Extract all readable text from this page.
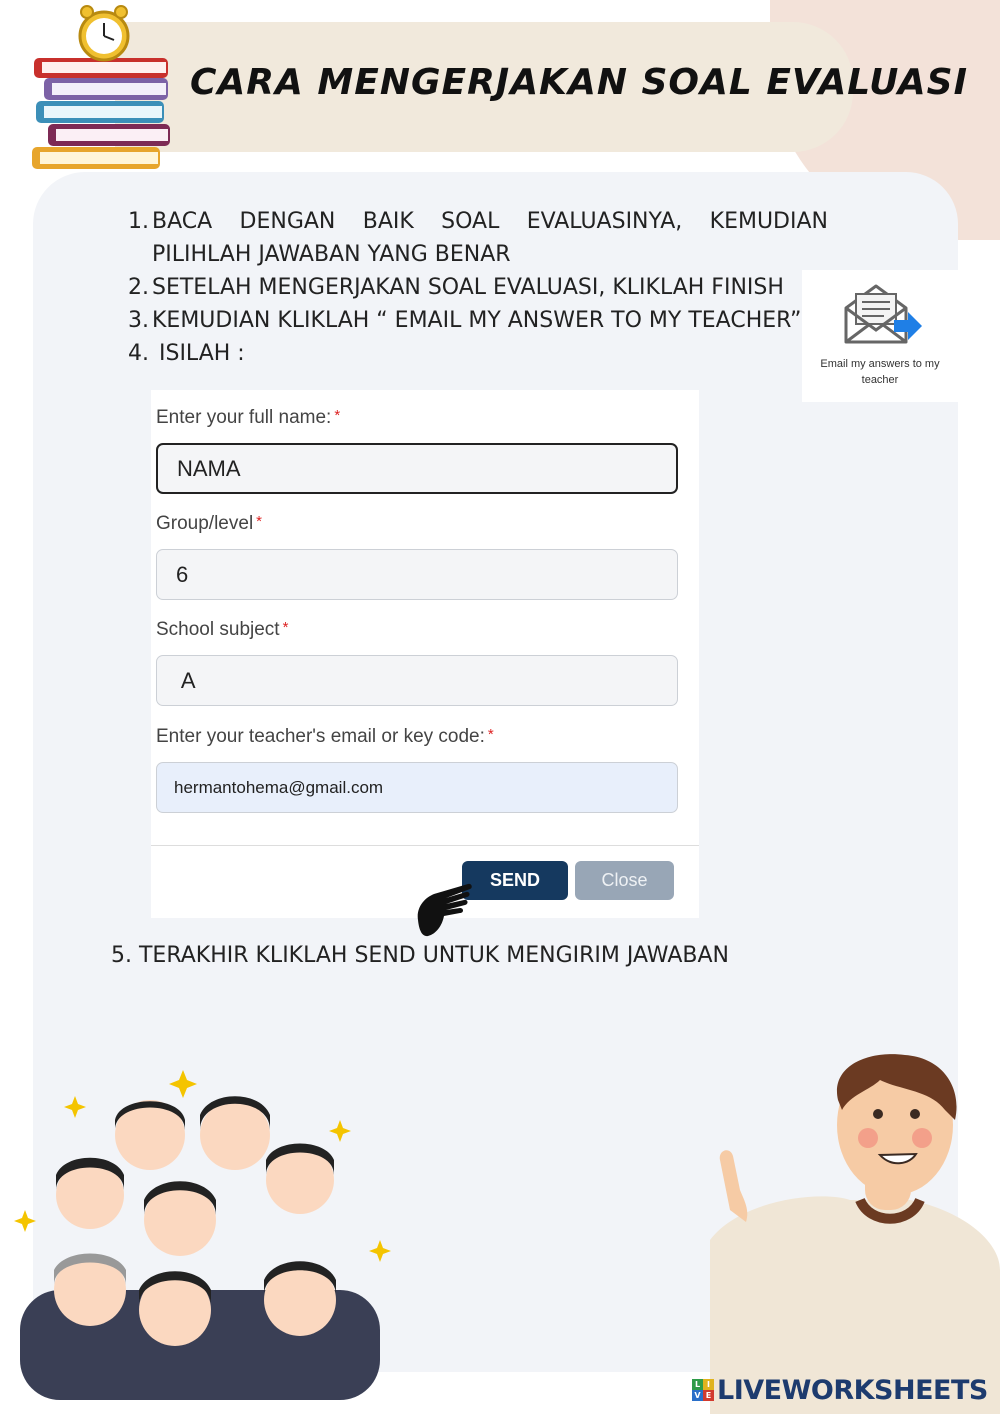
CARA MENGERJAKAN SOAL EVALUASI
1. BACA DENGAN BAIK SOAL EVALUASINYA, KEMUDIAN PILIHLAH JAWABAN YANG BENAR
2. SETELAH MENGERJAKAN SOAL EVALUASI, KLIKLAH FINISH
3. KEMUDIAN KLIKLAH “ EMAIL MY ANSWER TO MY TEACHER”
4. ISILAH :	Email my answers to my teacher
Enter your full name: *
NAMA
Group/level *
6
School subject *
A
Enter your teacher's email or key code: *
hermantohema@gmail.com
SEND	Close
5. TERAKHIR KLIKLAH SEND UNTUK MENGIRIM JAWABAN
L I
V E LIVEWORKSHEETS
